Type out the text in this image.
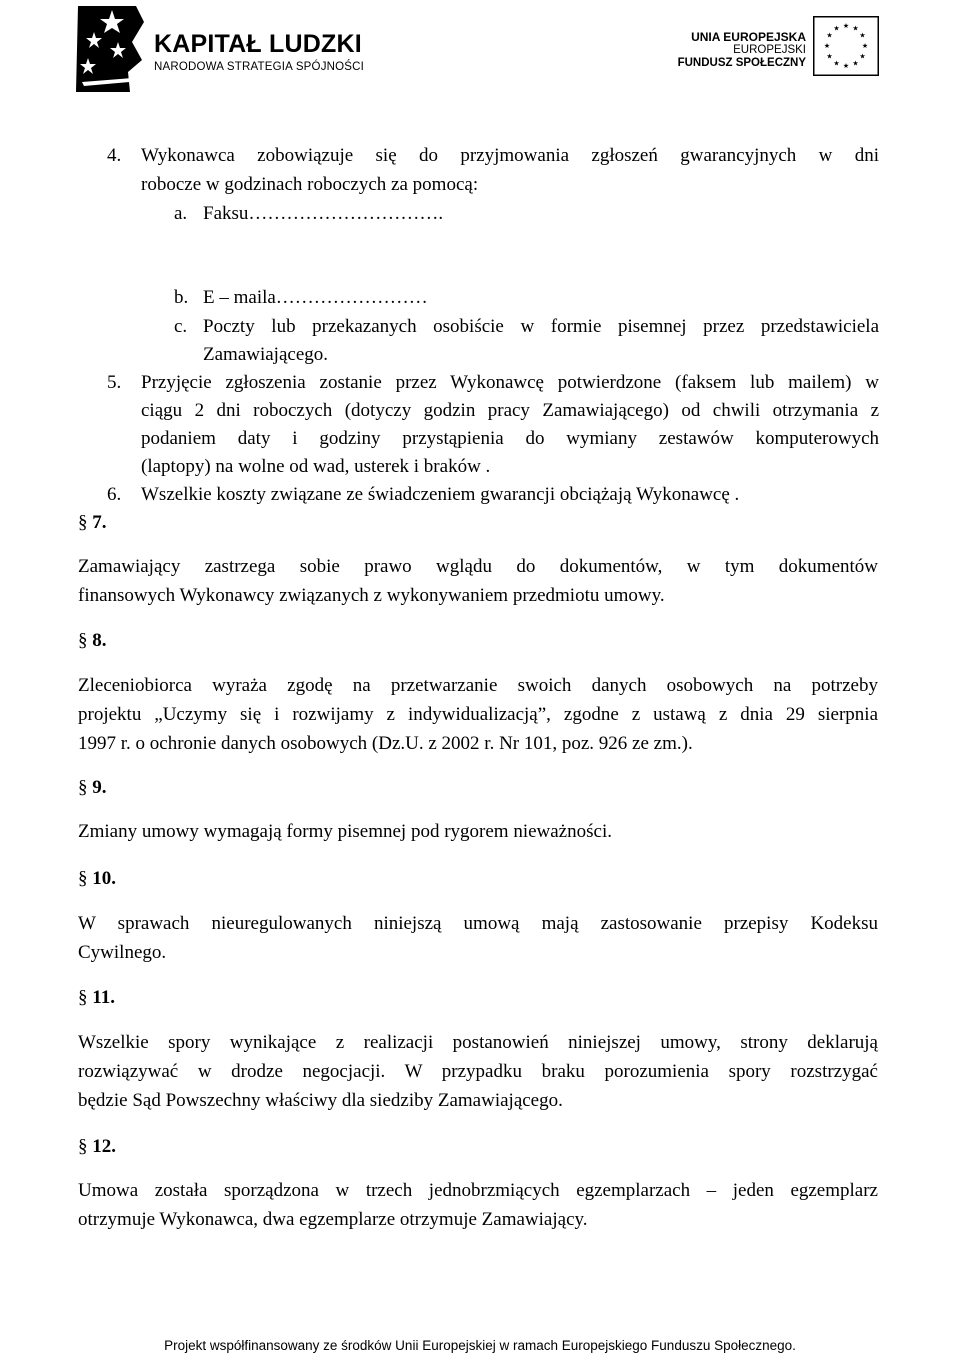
KAPITAŁ LUDZKI
NARODOWA STRATEGIA SPÓJNOŚCI
UNIA EUROPEJSKA
EUROPEJSKI
FUNDUSZ SPOŁECZNY
★ ★
★
★
★
★
★
★
★
★
★
★
4. Wykonawca zobowiązuje się do przyjmowania zgłoszeń gwarancyjnych w dni
robocze w godzinach roboczych za pomocą:
a. Faksu………………………….
b. E – maila……………………
c. Poczty lub przekazanych osobiście w formie pisemnej przez przedstawiciela
Zamawiającego.
5. Przyjęcie zgłoszenia zostanie przez Wykonawcę potwierdzone (faksem lub mailem) w
ciągu 2 dni roboczych (dotyczy godzin pracy Zamawiającego) od chwili otrzymania z
podaniem daty i godziny przystąpienia do wymiany zestawów komputerowych
(laptopy) na wolne od wad, usterek i braków .
6. Wszelkie koszty związane ze świadczeniem gwarancji obciążają Wykonawcę .
§ 7.
Zamawiający zastrzega sobie prawo wglądu do dokumentów, w tym dokumentów
finansowych Wykonawcy związanych z wykonywaniem przedmiotu umowy.
§ 8.
Zleceniobiorca wyraża zgodę na przetwarzanie swoich danych osobowych na potrzeby
projektu „Uczymy się i rozwijamy z indywidualizacją”, zgodne z ustawą z dnia 29 sierpnia
1997 r. o ochronie danych osobowych (Dz.U. z 2002 r. Nr 101, poz. 926 ze zm.).
§ 9.
Zmiany umowy wymagają formy pisemnej pod rygorem nieważności.
§ 10.
W sprawach nieuregulowanych niniejszą umową mają zastosowanie przepisy Kodeksu
Cywilnego.
§ 11.
Wszelkie spory wynikające z realizacji postanowień niniejszej umowy, strony deklarują
rozwiązywać w drodze negocjacji. W przypadku braku porozumienia spory rozstrzygać
będzie Sąd Powszechny właściwy dla siedziby Zamawiającego.
§ 12.
Umowa została sporządzona w trzech jednobrzmiących egzemplarzach – jeden egzemplarz
otrzymuje Wykonawca, dwa egzemplarze otrzymuje Zamawiający.
Projekt współfinansowany ze środków Unii Europejskiej w ramach Europejskiego Funduszu Społecznego.
